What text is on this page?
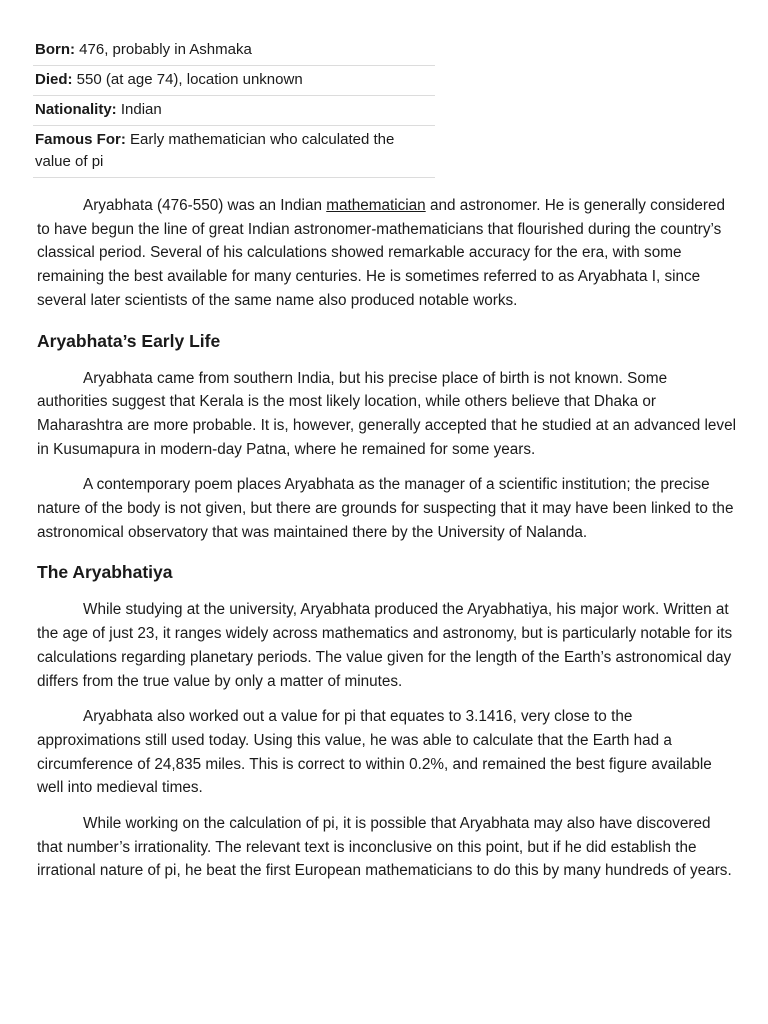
Born: 476, probably in Ashmaka
Died: 550 (at age 74), location unknown
Nationality: Indian
Famous For: Early mathematician who calculated the value of pi

Aryabhata (476-550) was an Indian mathematician and astronomer. He is generally considered to have begun the line of great Indian astronomer-mathematicians that flourished during the country’s classical period. Several of his calculations showed remarkable accuracy for the era, with some remaining the best available for many centuries. He is sometimes referred to as Aryabhata I, since several later scientists of the same name also produced notable works.

Aryabhata’s Early Life

Aryabhata came from southern India, but his precise place of birth is not known. Some authorities suggest that Kerala is the most likely location, while others believe that Dhaka or Maharashtra are more probable. It is, however, generally accepted that he studied at an advanced level in Kusumapura in modern-day Patna, where he remained for some years.

A contemporary poem places Aryabhata as the manager of a scientific institution; the precise nature of the body is not given, but there are grounds for suspecting that it may have been linked to the astronomical observatory that was maintained there by the University of Nalanda.

The Aryabhatiya

While studying at the university, Aryabhata produced the Aryabhatiya, his major work. Written at the age of just 23, it ranges widely across mathematics and astronomy, but is particularly notable for its calculations regarding planetary periods. The value given for the length of the Earth’s astronomical day differs from the true value by only a matter of minutes.

Aryabhata also worked out a value for pi that equates to 3.1416, very close to the approximations still used today. Using this value, he was able to calculate that the Earth had a circumference of 24,835 miles. This is correct to within 0.2%, and remained the best figure available well into medieval times.

While working on the calculation of pi, it is possible that Aryabhata may also have discovered that number’s irrationality. The relevant text is inconclusive on this point, but if he did establish the irrational nature of pi, he beat the first European mathematicians to do this by many hundreds of years.
